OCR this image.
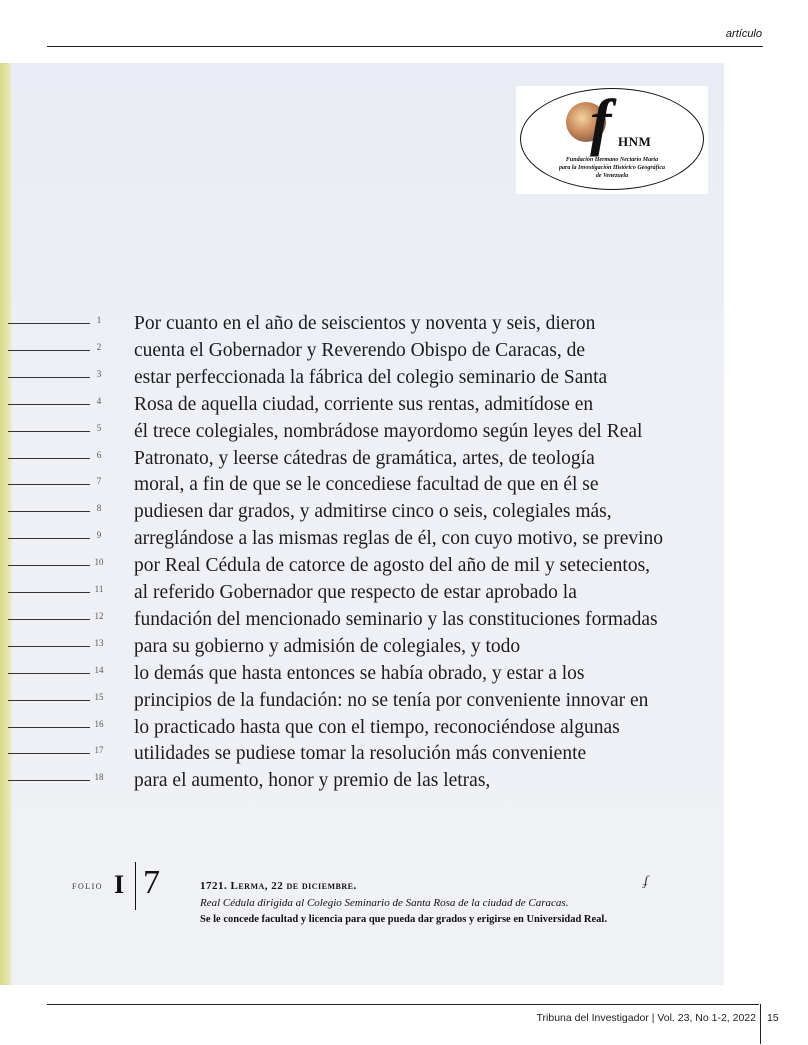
artículo
f HNM
Fundación Hermano Nectario María
para la Investigación Histórico Geográfica
de Venezuela
1	Por cuanto en el año de seiscientos y noventa y seis, dieron
2	cuenta el Gobernador y Reverendo Obispo de Caracas, de
3	estar perfeccionada la fábrica del colegio seminario de Santa
4	Rosa de aquella ciudad, corriente sus rentas, admitídose en
5	él trece colegiales, nombrádose mayordomo según leyes del Real
6	Patronato, y leerse cátedras de gramática, artes, de teología
7	moral, a fin de que se le concediese facultad de que en él se
8	pudiesen dar grados, y admitirse cinco o seis, colegiales más,
9	arreglándose a las mismas reglas de él, con cuyo motivo, se previno
10	por Real Cédula de catorce de agosto del año de mil y setecientos,
11	al referido Gobernador que respecto de estar aprobado la
12	fundación del mencionado seminario y las constituciones formadas
13	para su gobierno y admisión de colegiales, y todo
14	lo demás que hasta entonces se había obrado, y estar a los
15	principios de la fundación: no se tenía por conveniente innovar en
16	lo practicado hasta que con el tiempo, reconociéndose algunas
17	utilidades se pudiese tomar la resolución más conveniente
18	para el aumento, honor y premio de las letras,
FOLIO I 7	1721. Lerma, 22 de diciembre.
Real Cédula dirigida al Colegio Seminario de Santa Rosa de la ciudad de Caracas.
Se le concede facultad y licencia para que pueda dar grados y erigirse en Universidad Real.
ʄ
Tribuna del Investigador | Vol. 23, No 1-2, 2022 15
